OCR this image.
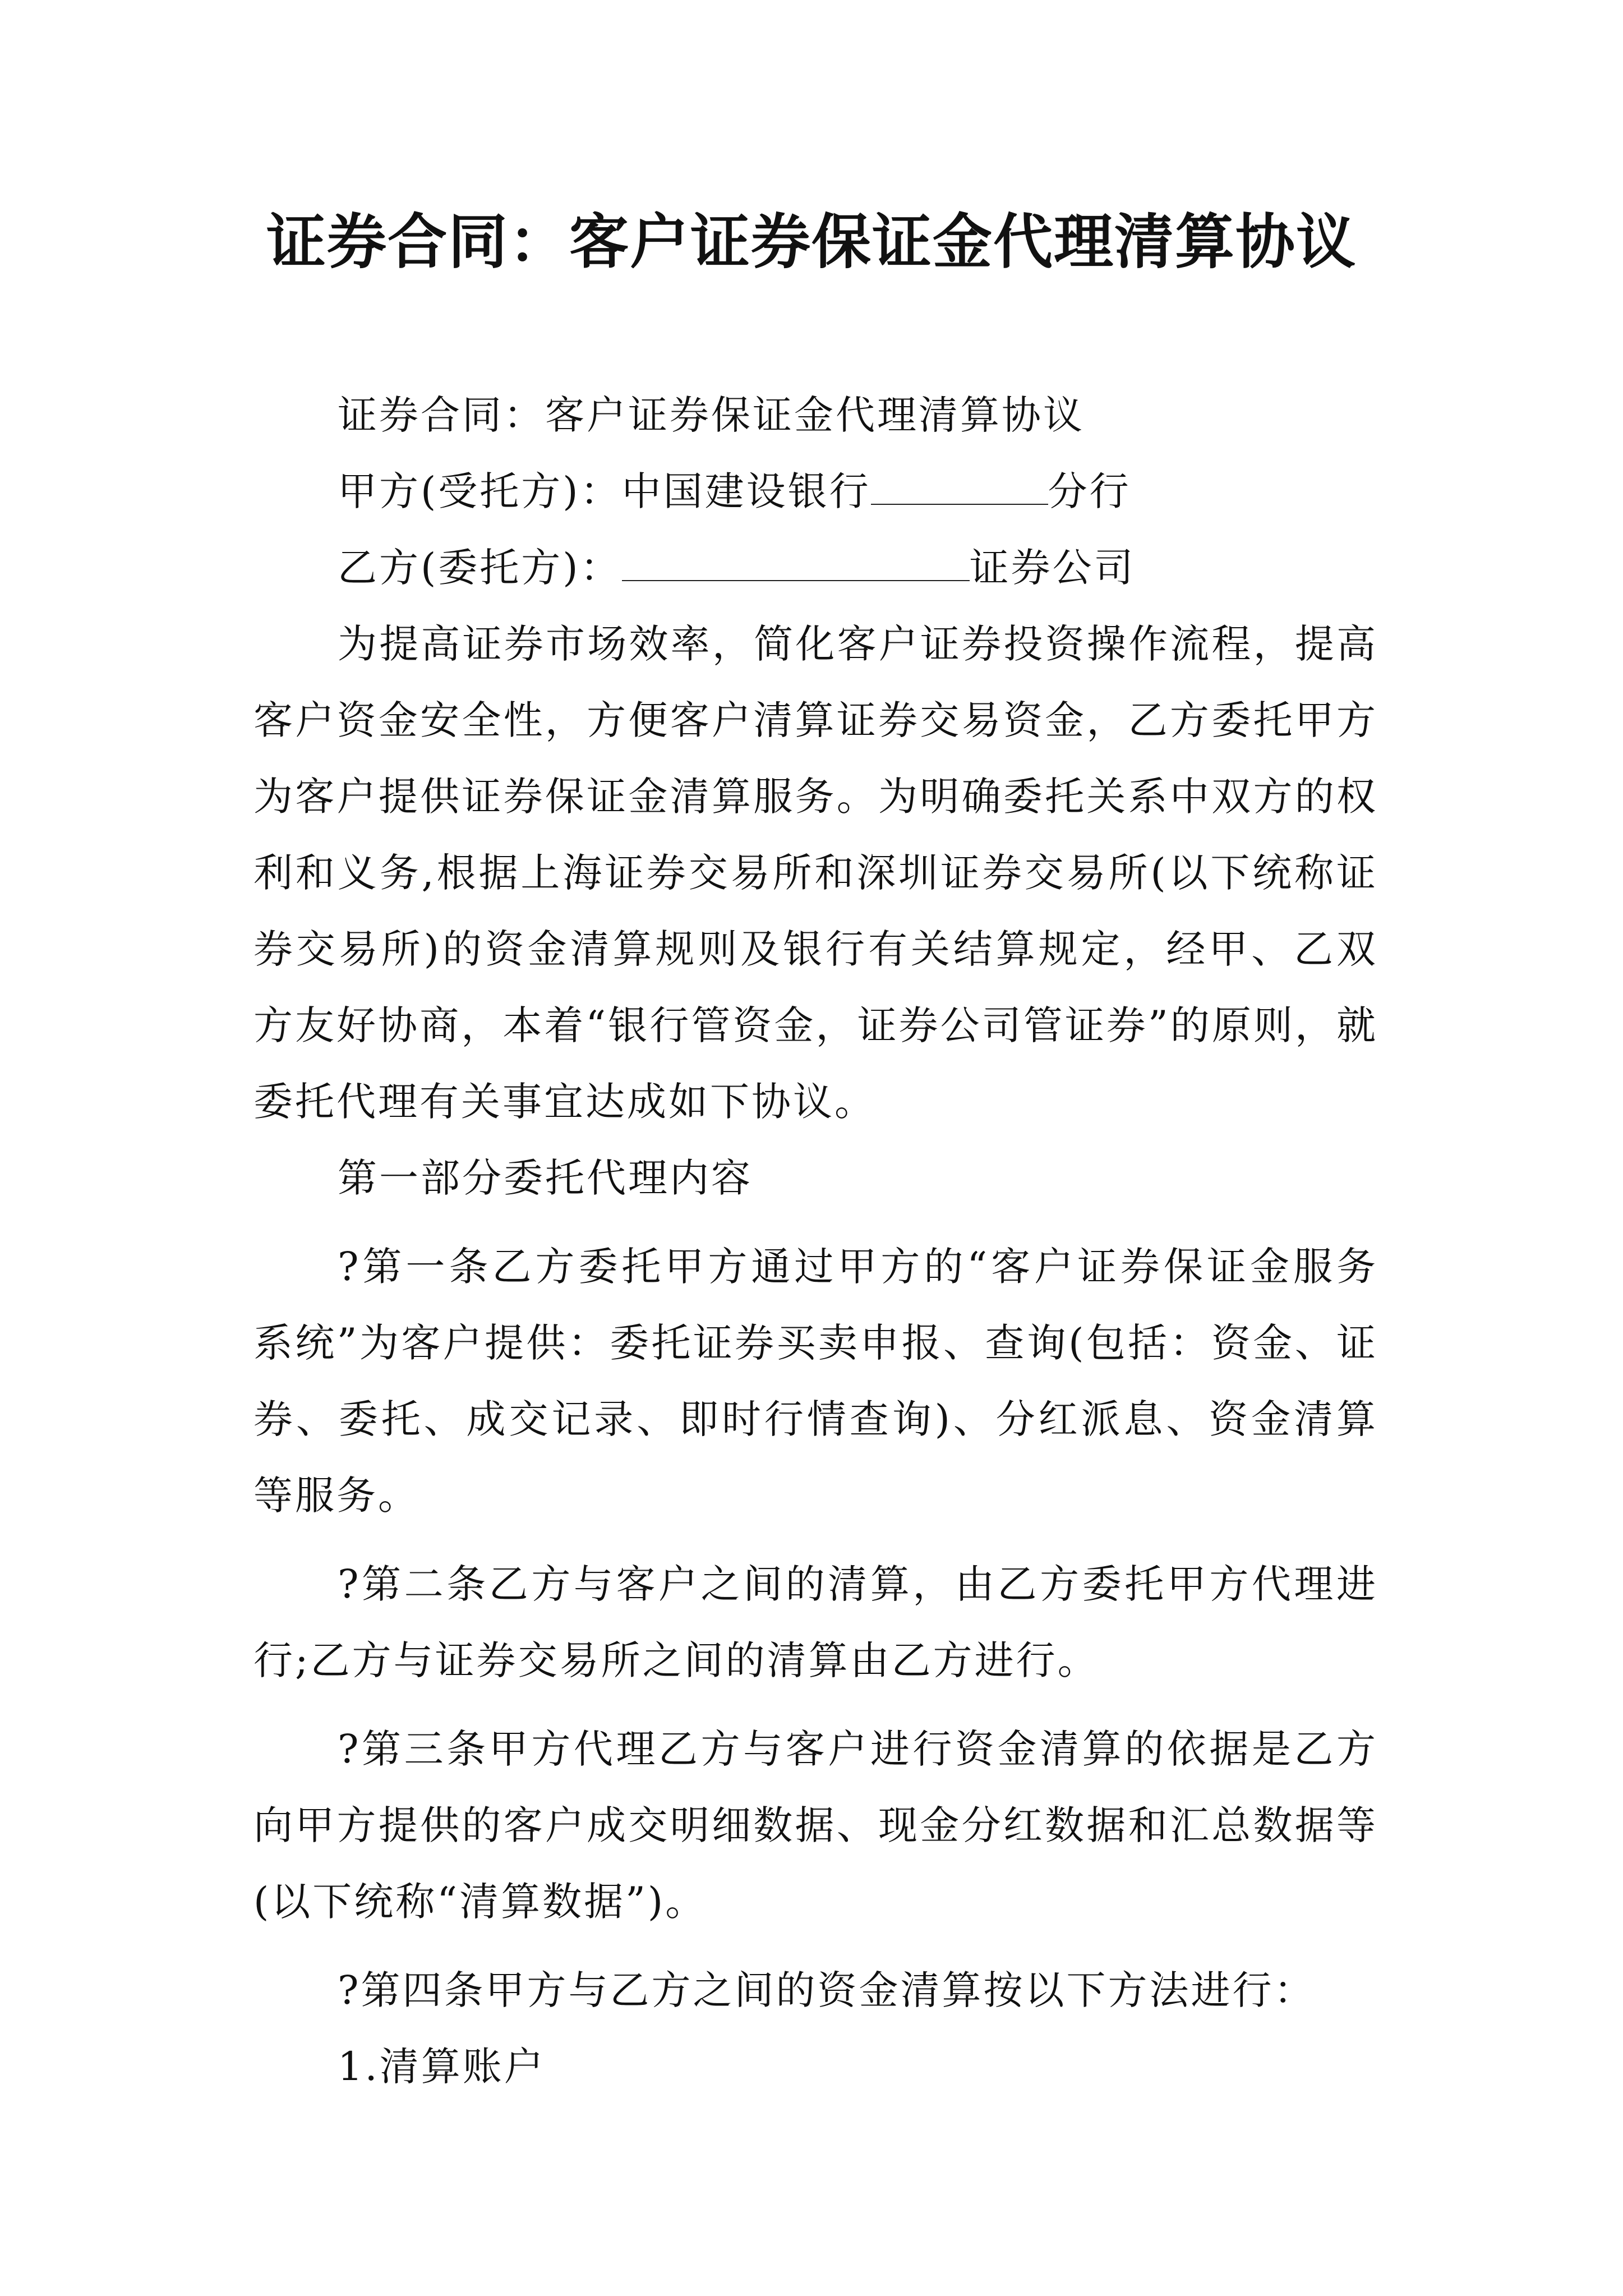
证券合同：客户证券保证金代理清算协议

证券合同：客户证券保证金代理清算协议

甲方(受托方)：中国建设银行	分行

乙方(委托方)：	证券公司

为提高证券市场效率，简化客户证券投资操作流程，提高客户资金安全性，方便客户清算证券交易资金，乙方委托甲方为客户提供证券保证金清算服务。为明确委托关系中双方的权利和义务,根据上海证券交易所和深圳证券交易所(以下统称证券交易所)的资金清算规则及银行有关结算规定，经甲、乙双方友好协商，本着“银行管资金，证券公司管证券”的原则，就委托代理有关事宜达成如下协议。

第一部分委托代理内容

?第一条乙方委托甲方通过甲方的“客户证券保证金服务系统”为客户提供：委托证券买卖申报、查询(包括：资金、证券、委托、成交记录、即时行情查询)、分红派息、资金清算等服务。

?第二条乙方与客户之间的清算，由乙方委托甲方代理进行;乙方与证券交易所之间的清算由乙方进行。

?第三条甲方代理乙方与客户进行资金清算的依据是乙方向甲方提供的客户成交明细数据、现金分红数据和汇总数据等(以下统称“清算数据”)。

?第四条甲方与乙方之间的资金清算按以下方法进行：

1.清算账户
